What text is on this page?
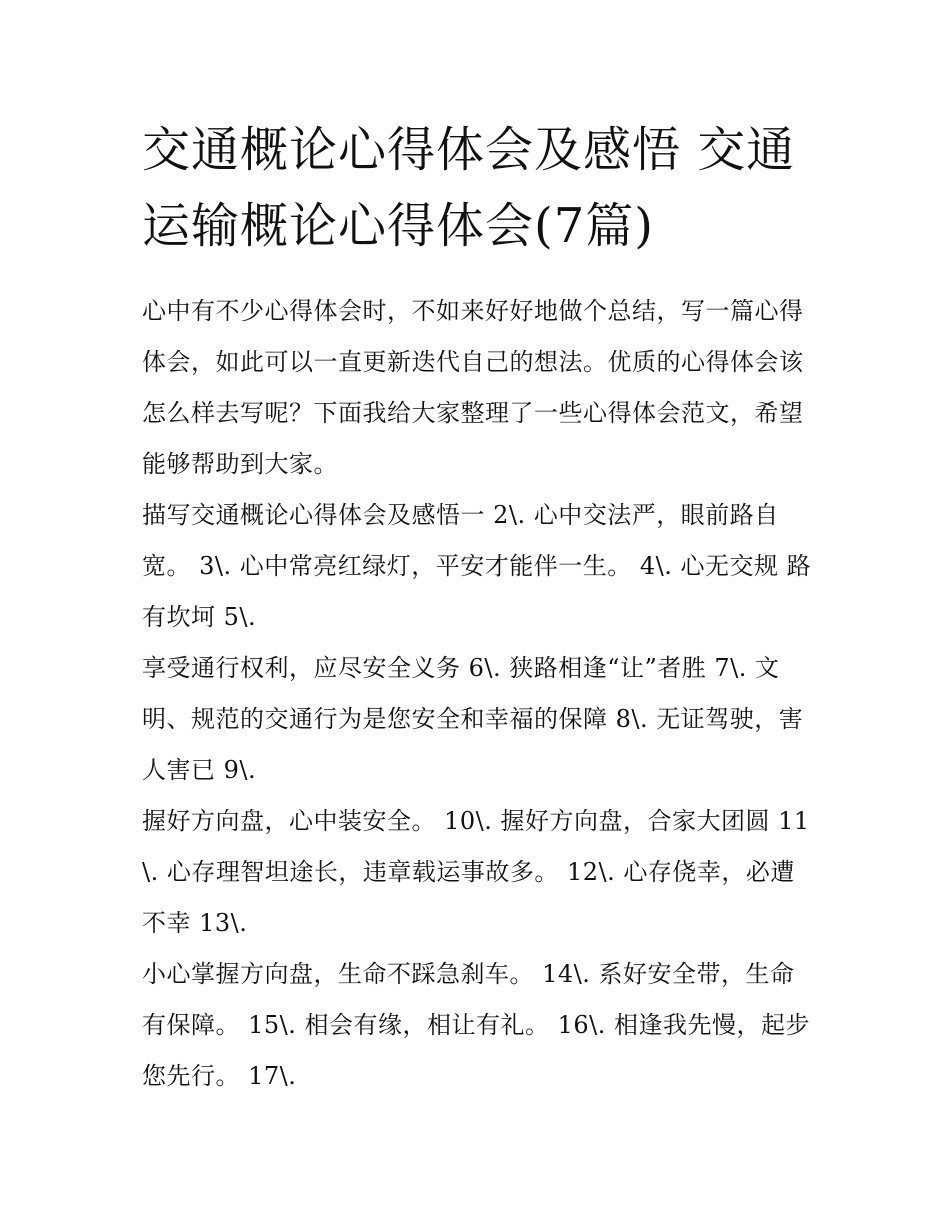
交通概论心得体会及感悟 交通运输概论心得体会(7篇)

心中有不少心得体会时，不如来好好地做个总结，写一篇心得体会，如此可以一直更新迭代自己的想法。优质的心得体会该怎么样去写呢？下面我给大家整理了一些心得体会范文，希望能够帮助到大家。

描写交通概论心得体会及感悟一 2\. 心中交法严，眼前路自宽。 3\. 心中常亮红绿灯，平安才能伴一生。 4\. 心无交规 路有坎坷 5\.

享受通行权利，应尽安全义务 6\. 狭路相逢“让”者胜 7\. 文明、规范的交通行为是您安全和幸福的保障 8\. 无证驾驶，害人害已 9\.

握好方向盘，心中装安全。 10\. 握好方向盘，合家大团圆 11\. 心存理智坦途长，违章载运事故多。 12\. 心存侥幸，必遭不幸 13\.

小心掌握方向盘，生命不踩急刹车。 14\. 系好安全带，生命有保障。 15\. 相会有缘，相让有礼。 16\. 相逢我先慢，起步您先行。 17\.
